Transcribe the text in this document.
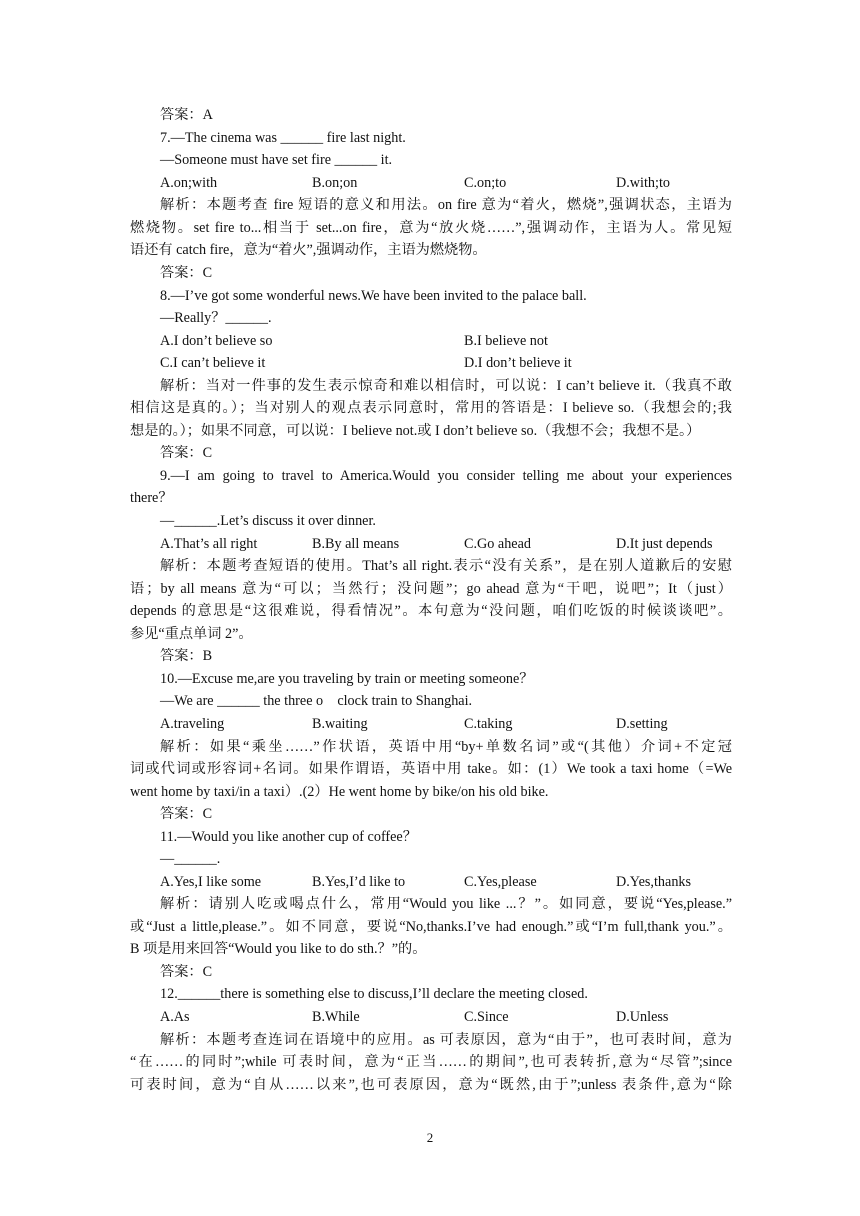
答案：A
7.—The cinema was ______ fire last night.
—Someone must have set fire ______ it.
A.on;with	B.on;on	C.on;to	D.with;to
解析：本题考查 fire 短语的意义和用法。on fire 意为“着火，燃烧”,强调状态，主语为
燃烧物。set fire to...相当于 set...on fire，意为“放火烧……”,强调动作，主语为人。常见短
语还有 catch fire，意为“着火”,强调动作，主语为燃烧物。
答案：C
8.—I’ve got some wonderful news.We have been invited to the palace ball.
—Really？______.
A.I don’t believe so	B.I believe not
C.I can’t believe it	D.I don’t believe it
解析：当对一件事的发生表示惊奇和难以相信时，可以说：I can’t believe it.（我真不敢
相信这是真的。）；当对别人的观点表示同意时，常用的答语是：I believe so.（我想会的;我
想是的。）；如果不同意，可以说：I believe not.或 I don’t believe so.（我想不会；我想不是。）
答案：C
9.—I am going to travel to America.Would you consider telling me about your experiences
there？
—______.Let’s discuss it over dinner.
A.That’s all right	B.By all means	C.Go ahead	D.It just depends
解析：本题考查短语的使用。That’s all right.表示“没有关系”，是在别人道歉后的安慰
语；by all means 意为“可以；当然行；没问题”；go ahead 意为“干吧，说吧”；It（just）
depends 的意思是“这很难说，得看情况”。本句意为“没问题，咱们吃饭的时候谈谈吧”。
参见“重点单词 2”。
答案：B
10.—Excuse me,are you traveling by train or meeting someone？
—We are ______ the three o　clock train to Shanghai.
A.traveling	B.waiting	C.taking	D.setting
解析：如果“乘坐……”作状语，英语中用“by+单数名词”或“(其他）介词+不定冠
词或代词或形容词+名词。如果作谓语，英语中用 take。如：(1）We took a taxi home（=We
went home by taxi/in a taxi）.(2）He went home by bike/on his old bike.
答案：C
11.—Would you like another cup of coffee？
—______.
A.Yes,I like some	B.Yes,I’d like to	C.Yes,please	D.Yes,thanks
解析：请别人吃或喝点什么，常用“Would you like ...？”。如同意，要说“Yes,please.”
或“Just a little,please.”。如不同意，要说“No,thanks.I’ve had enough.”或“I’m full,thank you.”。
B 项是用来回答“Would you like to do sth.？”的。
答案：C
12.______there is something else to discuss,I’ll declare the meeting closed.
A.As	B.While	C.Since	D.Unless
解析：本题考查连词在语境中的应用。as 可表原因，意为“由于”，也可表时间，意为
“在……的同时”;while 可表时间，意为“正当……的期间”,也可表转折,意为“尽管”;since
可表时间，意为“自从……以来”,也可表原因，意为“既然,由于”;unless 表条件,意为“除
2
